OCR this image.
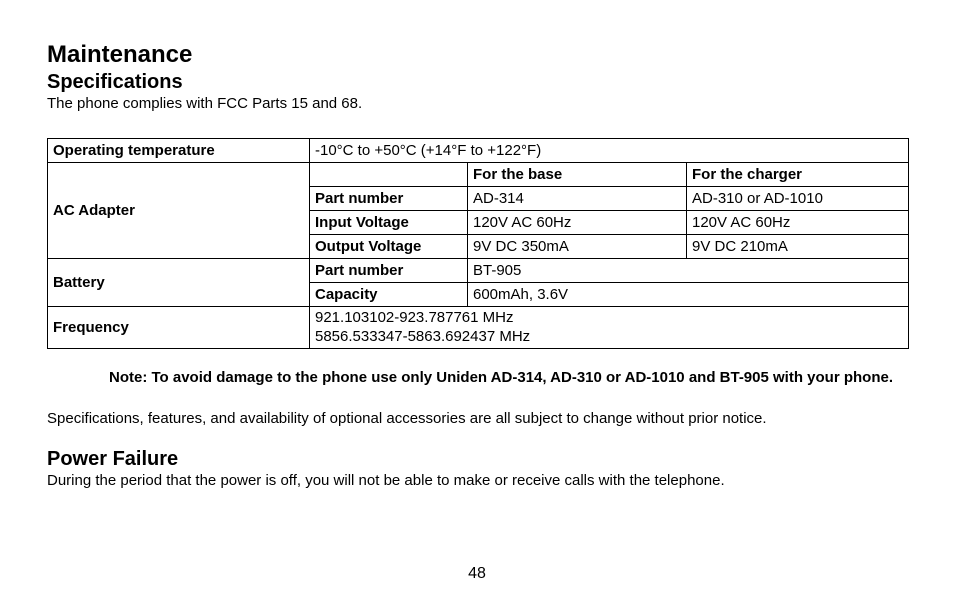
Maintenance
Specifications

The phone complies with FCC Parts 15 and 68.

Operating temperature	-10°C to +50°C (+14°F to +122°F)		
AC Adapter		For the base	For the charger
	Part number	AD-314	AD-310 or AD-1010
	Input Voltage	120V AC 60Hz	120V AC 60Hz
	Output Voltage	9V DC 350mA	9V DC 210mA
Battery	Part number	BT-905	
	Capacity	600mAh, 3.6V	
Frequency	921.103102-923.787761 MHz
5856.533347-5863.692437 MHz		

Note: To avoid damage to the phone use only Uniden AD-314, AD-310 or AD-1010 and BT-905 with your phone.

Specifications, features, and availability of optional accessories are all subject to change without prior notice.

Power Failure

During the period that the power is off, you will not be able to make or receive calls with the telephone.

48
